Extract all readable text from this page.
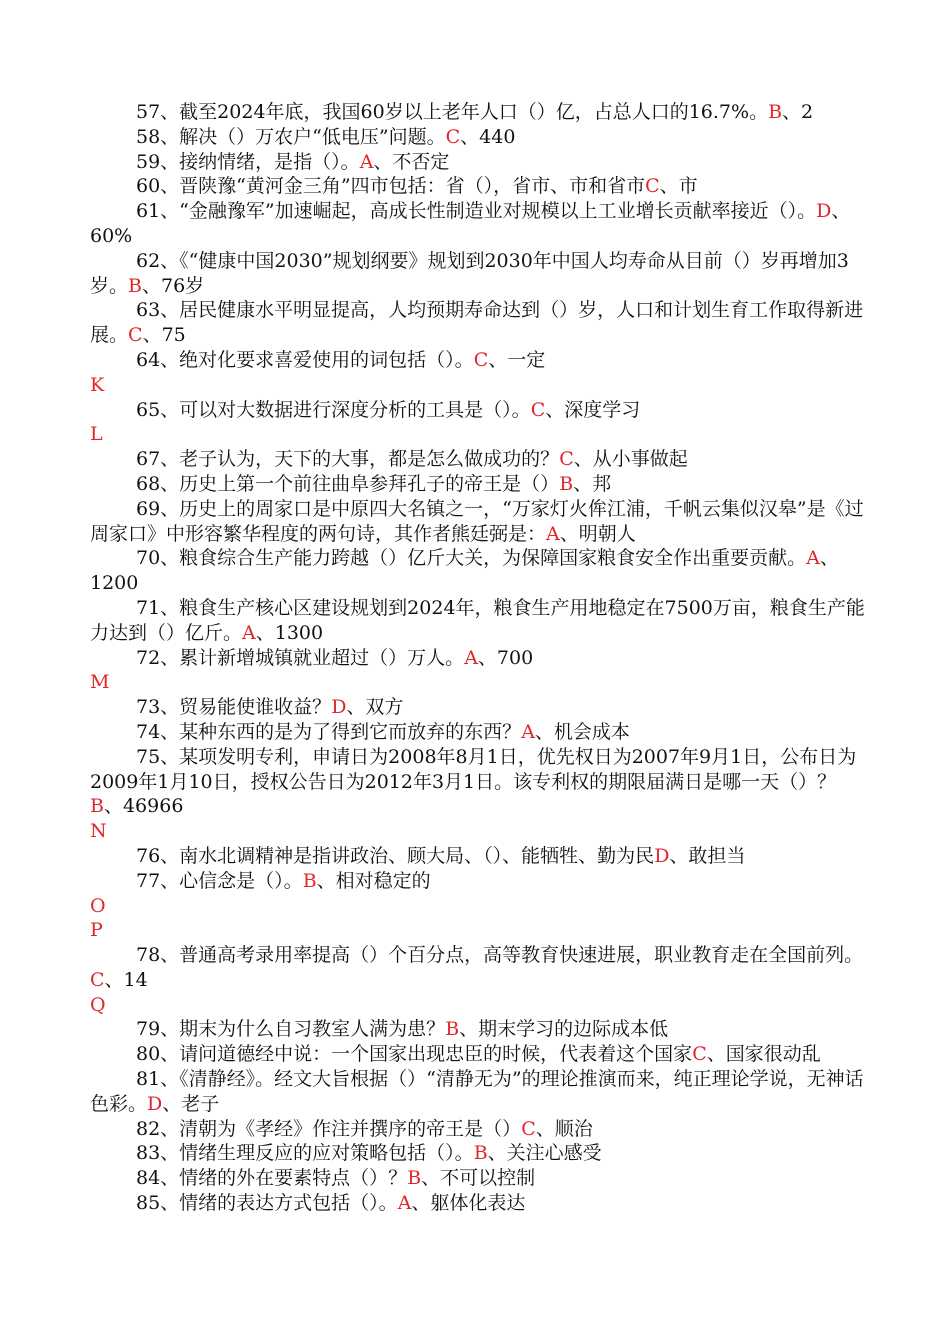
57、截至2024年底，我国60岁以上老年人口（）亿，占总人口的16.7%。B、2
58、解决（）万农户“低电压”问题。C、440
59、接纳情绪，是指（）。A、不否定
60、晋陕豫“黄河金三角”四市包括：省（），省市、市和省市C、市
61、“金融豫军”加速崛起，高成长性制造业对规模以上工业增长贡献率接近（）。D、60%
62、《“健康中国2030”规划纲要》规划到2030年中国人均寿命从目前（）岁再增加3岁。B、76岁
63、居民健康水平明显提高，人均预期寿命达到（）岁，人口和计划生育工作取得新进展。C、75
64、绝对化要求喜爱使用的词包括（）。C、一定
K
65、可以对大数据进行深度分析的工具是（）。C、深度学习
L
67、老子认为，天下的大事，都是怎么做成功的？C、从小事做起
68、历史上第一个前往曲阜参拜孔子的帝王是（）B、邦
69、历史上的周家口是中原四大名镇之一，“万家灯火侔江浦，千帆云集似汉皋”是《过周家口》中形容繁华程度的两句诗，其作者熊廷弼是：A、明朝人
70、粮食综合生产能力跨越（）亿斤大关，为保障国家粮食安全作出重要贡献。A、1200
71、粮食生产核心区建设规划到2024年，粮食生产用地稳定在7500万亩，粮食生产能力达到（）亿斤。A、1300
72、累计新增城镇就业超过（）万人。A、700
M
73、贸易能使谁收益？D、双方
74、某种东西的是为了得到它而放弃的东西？A、机会成本
75、某项发明专利，申请日为2008年8月1日，优先权日为2007年9月1日，公布日为2009年1月10日，授权公告日为2012年3月1日。该专利权的期限届满日是哪一天（）？B、46966
N
76、南水北调精神是指讲政治、顾大局、（）、能牺牲、勤为民D、敢担当
77、心信念是（）。B、相对稳定的
O
P
78、普通高考录用率提高（）个百分点，高等教育快速进展，职业教育走在全国前列。C、14
Q
79、期末为什么自习教室人满为患？B、期末学习的边际成本低
80、请问道德经中说：一个国家出现忠臣的时候，代表着这个国家C、国家很动乱
81、《清静经》。经文大旨根据（）“清静无为”的理论推演而来，纯正理论学说，无神话色彩。D、老子
82、清朝为《孝经》作注并撰序的帝王是（）C、顺治
83、情绪生理反应的应对策略包括（）。B、关注心感受
84、情绪的外在要素特点（）？B、不可以控制
85、情绪的表达方式包括（）。A、躯体化表达
